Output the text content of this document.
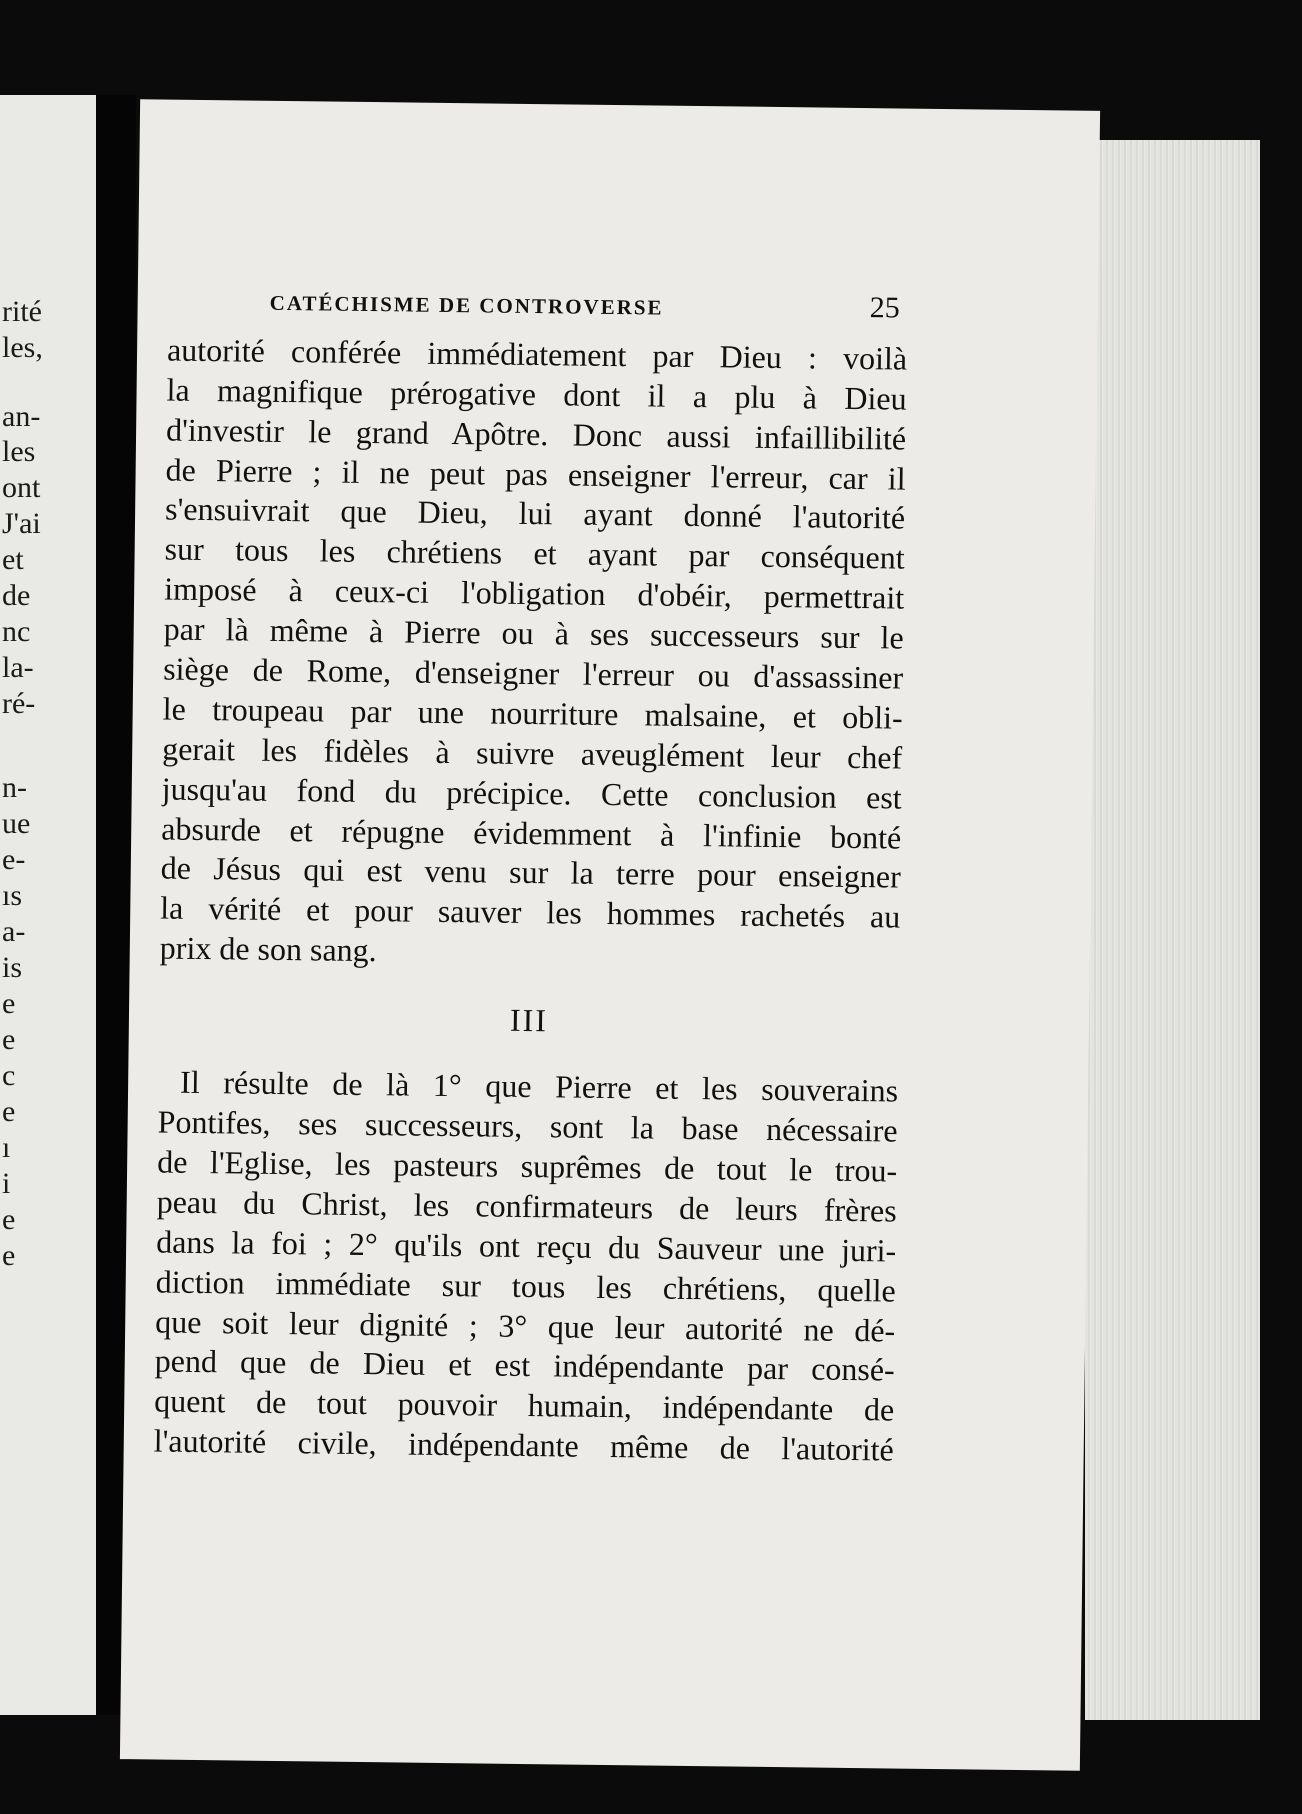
rité
les,
an-
les
ont
J'ai
et
de
nc
la-
ré-
n-
ue
e-
ıs
a-
is
e
e
c
e
ı
i
e
e
CATÉCHISME DE CONTROVERSE	25
autorité conférée immédiatement par Dieu : voilà
la magnifique prérogative dont il a plu à Dieu
d'investir le grand Apôtre. Donc aussi infaillibilité
de Pierre ; il ne peut pas enseigner l'erreur, car il
s'ensuivrait que Dieu, lui ayant donné l'autorité
sur tous les chrétiens et ayant par conséquent
imposé à ceux-ci l'obligation d'obéir, permettrait
par là même à Pierre ou à ses successeurs sur le
siège de Rome, d'enseigner l'erreur ou d'assassiner
le troupeau par une nourriture malsaine, et obli-
gerait les fidèles à suivre aveuglément leur chef
jusqu'au fond du précipice. Cette conclusion est
absurde et répugne évidemment à l'infinie bonté
de Jésus qui est venu sur la terre pour enseigner
la vérité et pour sauver les hommes rachetés au
prix de son sang.
III
Il résulte de là 1° que Pierre et les souverains
Pontifes, ses successeurs, sont la base nécessaire
de l'Eglise, les pasteurs suprêmes de tout le trou-
peau du Christ, les confirmateurs de leurs frères
dans la foi ; 2° qu'ils ont reçu du Sauveur une juri-
diction immédiate sur tous les chrétiens, quelle
que soit leur dignité ; 3° que leur autorité ne dé-
pend que de Dieu et est indépendante par consé-
quent de tout pouvoir humain, indépendante de
l'autorité civile, indépendante même de l'autorité
